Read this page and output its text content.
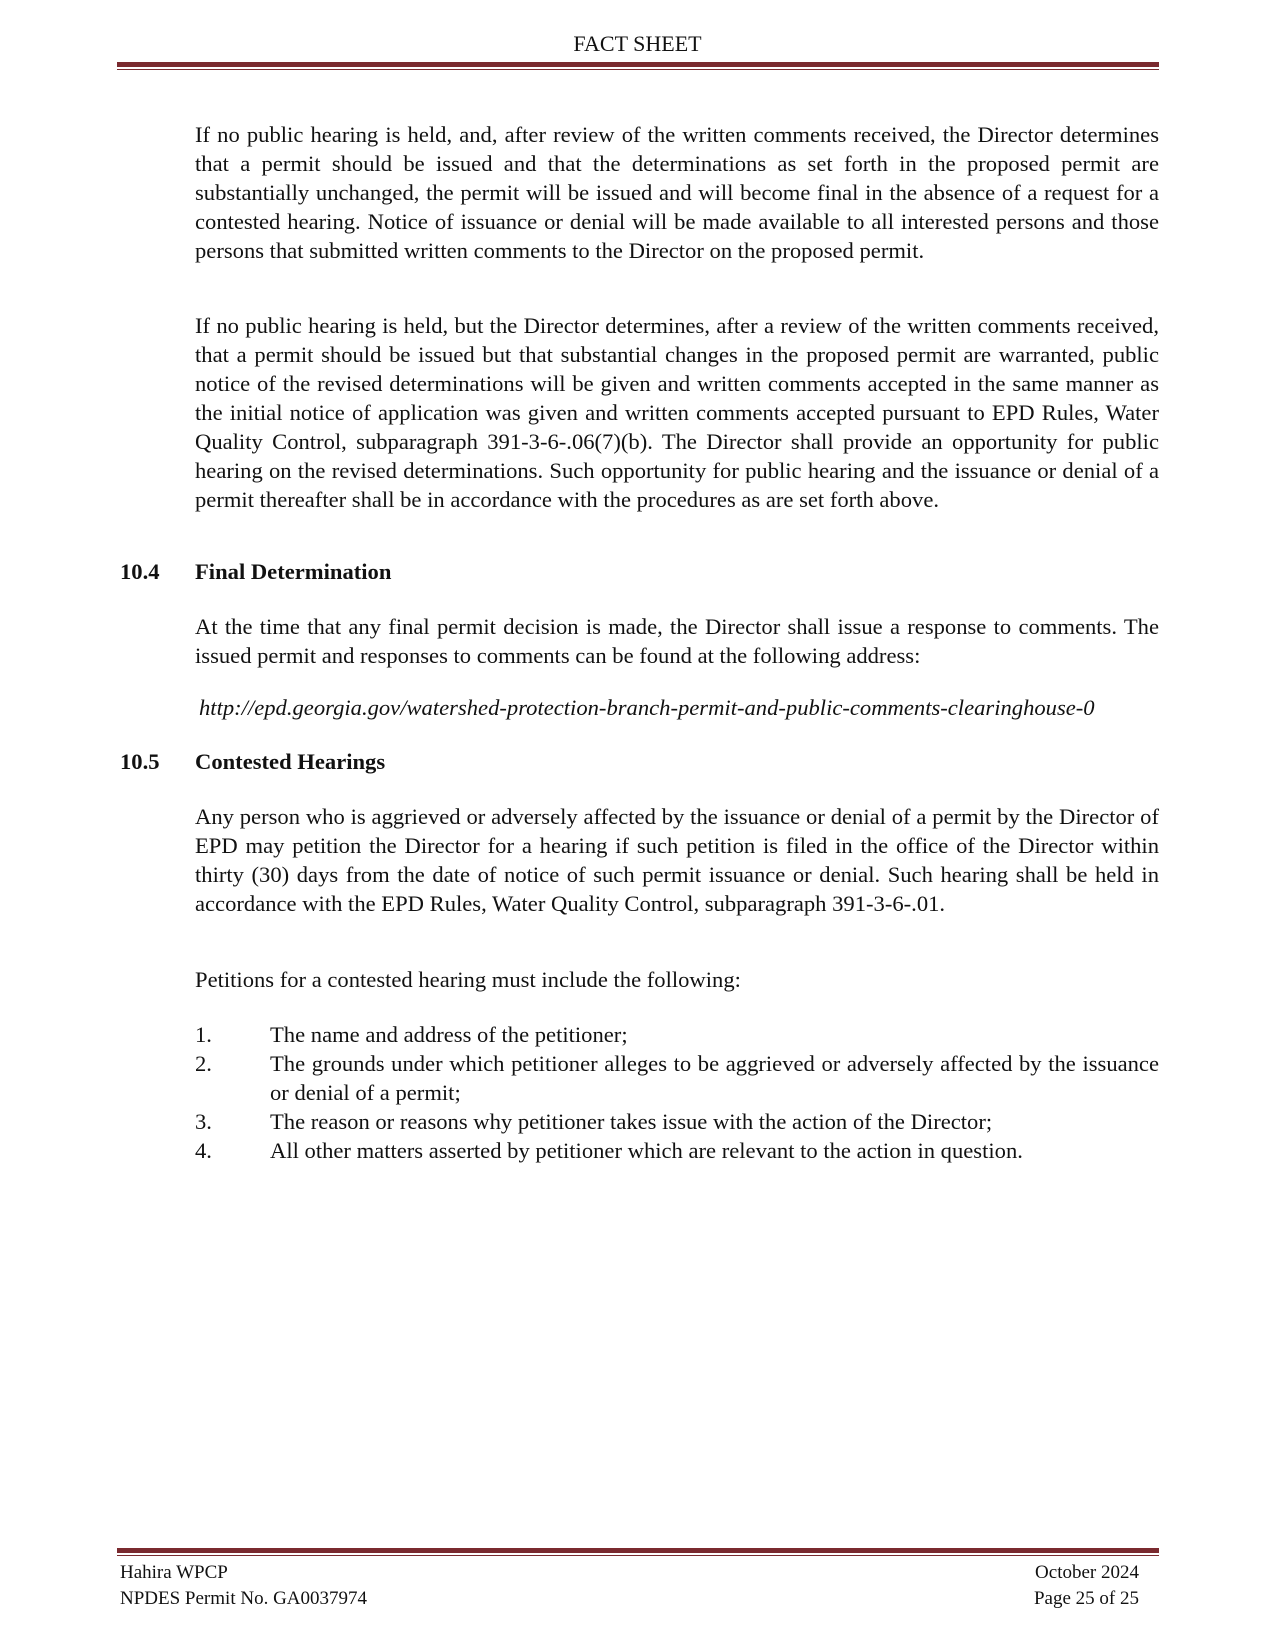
FACT SHEET

If no public hearing is held, and, after review of the written comments received, the Director determines that a permit should be issued and that the determinations as set forth in the proposed permit are substantially unchanged, the permit will be issued and will become final in the absence of a request for a contested hearing. Notice of issuance or denial will be made available to all interested persons and those persons that submitted written comments to the Director on the proposed permit.

If no public hearing is held, but the Director determines, after a review of the written comments received, that a permit should be issued but that substantial changes in the proposed permit are warranted, public notice of the revised determinations will be given and written comments accepted in the same manner as the initial notice of application was given and written comments accepted pursuant to EPD Rules, Water Quality Control, subparagraph 391-3-6-.06(7)(b). The Director shall provide an opportunity for public hearing on the revised determinations. Such opportunity for public hearing and the issuance or denial of a permit thereafter shall be in accordance with the procedures as are set forth above.

10.4 Final Determination

At the time that any final permit decision is made, the Director shall issue a response to comments. The issued permit and responses to comments can be found at the following address:

http://epd.georgia.gov/watershed-protection-branch-permit-and-public-comments-clearinghouse-0
10.5 Contested Hearings

Any person who is aggrieved or adversely affected by the issuance or denial of a permit by the Director of EPD may petition the Director for a hearing if such petition is filed in the office of the Director within thirty (30) days from the date of notice of such permit issuance or denial. Such hearing shall be held in accordance with the EPD Rules, Water Quality Control, subparagraph 391-3-6-.01.

Petitions for a contested hearing must include the following:

1.	The name and address of the petitioner;
2.	The grounds under which petitioner alleges to be aggrieved or adversely affected by the issuance or denial of a permit;
3.	The reason or reasons why petitioner takes issue with the action of the Director;
4.	All other matters asserted by petitioner which are relevant to the action in question.
Hahira WPCP	October 2024
NPDES Permit No. GA0037974	Page 25 of 25
